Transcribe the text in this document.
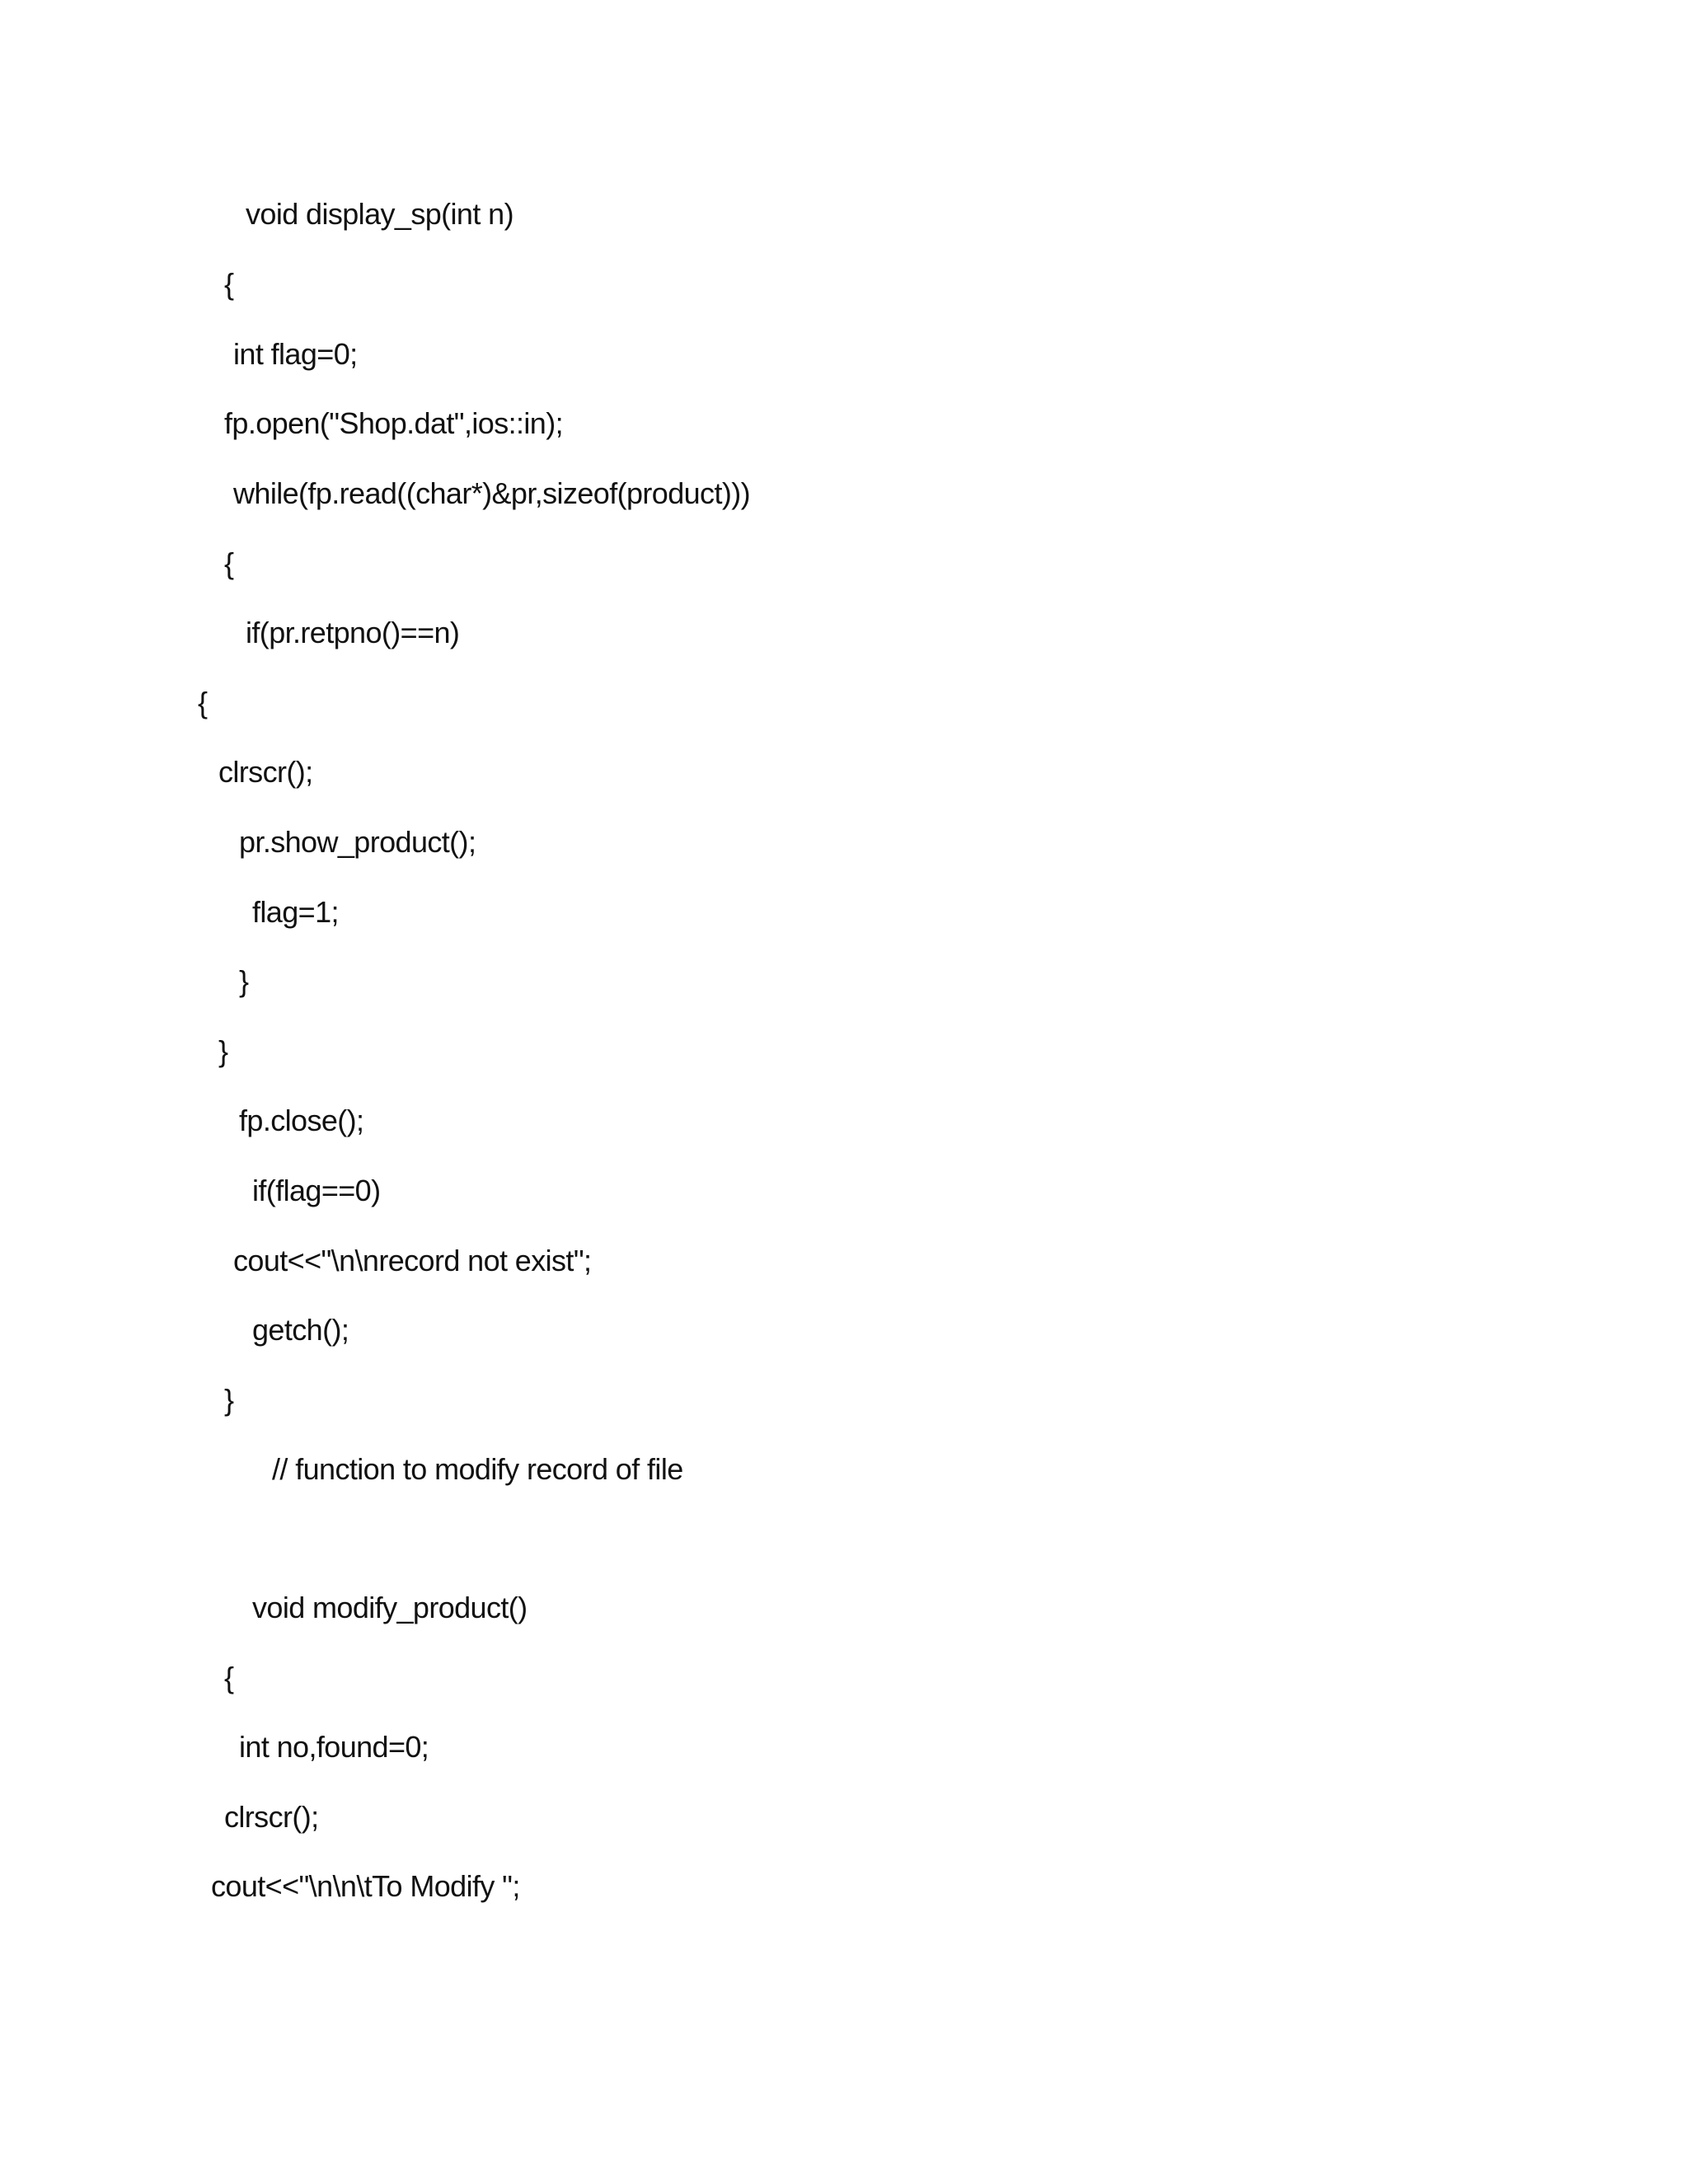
void display_sp(int n)
{
int flag=0;
fp.open("Shop.dat",ios::in);
while(fp.read((char*)&pr,sizeof(product)))
{
if(pr.retpno()==n)
{
clrscr();
pr.show_product();
flag=1;
}
}
fp.close();
if(flag==0)
cout<<"\n\nrecord not exist";
getch();
}
// function to modify record of file
void modify_product()
{
int no,found=0;
clrscr();
cout<<"\n\n\tTo Modify ";
